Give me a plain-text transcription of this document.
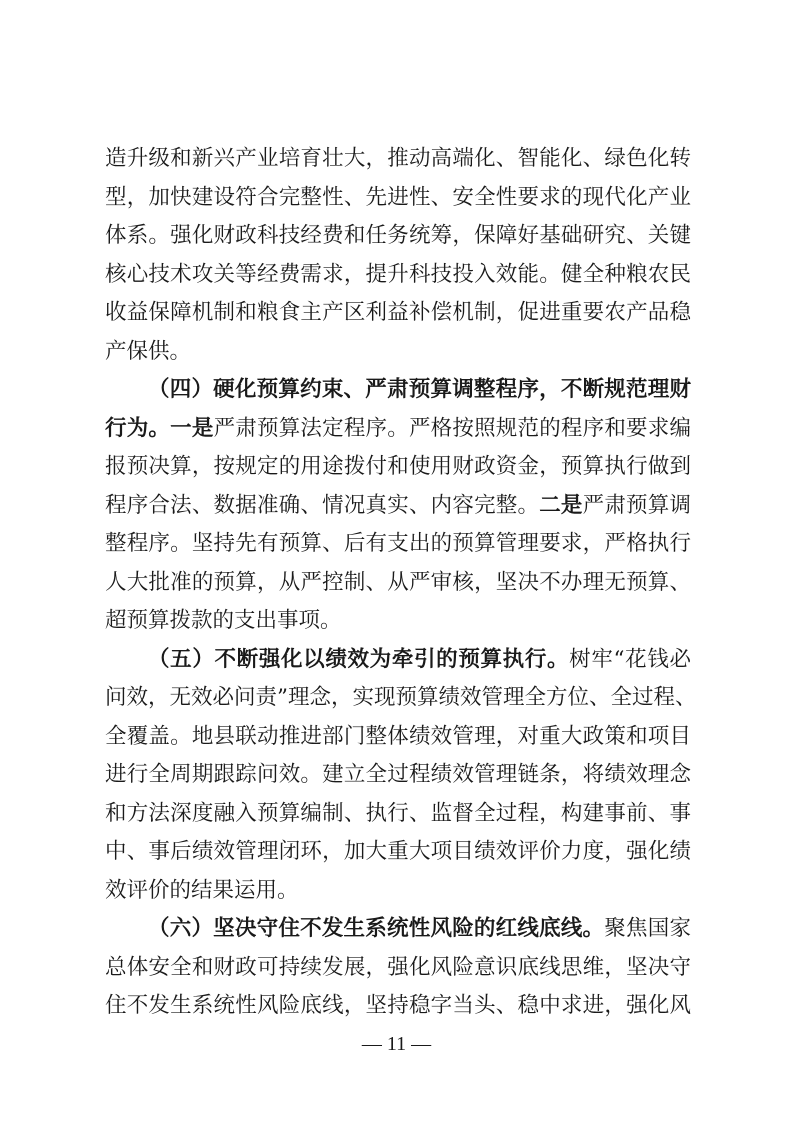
造升级和新兴产业培育壮大，推动高端化、智能化、绿色化转
型，加快建设符合完整性、先进性、安全性要求的现代化产业
体系。强化财政科技经费和任务统筹，保障好基础研究、关键
核心技术攻关等经费需求，提升科技投入效能。健全种粮农民
收益保障机制和粮食主产区利益补偿机制，促进重要农产品稳
产保供。
（四）硬化预算约束、严肃预算调整程序，不断规范理财
行为。一是严肃预算法定程序。严格按照规范的程序和要求编
报预决算，按规定的用途拨付和使用财政资金，预算执行做到
程序合法、数据准确、情况真实、内容完整。二是严肃预算调
整程序。坚持先有预算、后有支出的预算管理要求，严格执行
人大批准的预算，从严控制、从严审核，坚决不办理无预算、
超预算拨款的支出事项。
（五）不断强化以绩效为牵引的预算执行。树牢“花钱必
问效，无效必问责”理念，实现预算绩效管理全方位、全过程、
全覆盖。地县联动推进部门整体绩效管理，对重大政策和项目
进行全周期跟踪问效。建立全过程绩效管理链条，将绩效理念
和方法深度融入预算编制、执行、监督全过程，构建事前、事
中、事后绩效管理闭环，加大重大项目绩效评价力度，强化绩
效评价的结果运用。
（六）坚决守住不发生系统性风险的红线底线。聚焦国家
总体安全和财政可持续发展，强化风险意识底线思维，坚决守
住不发生系统性风险底线，坚持稳字当头、稳中求进，强化风
— 11 —
